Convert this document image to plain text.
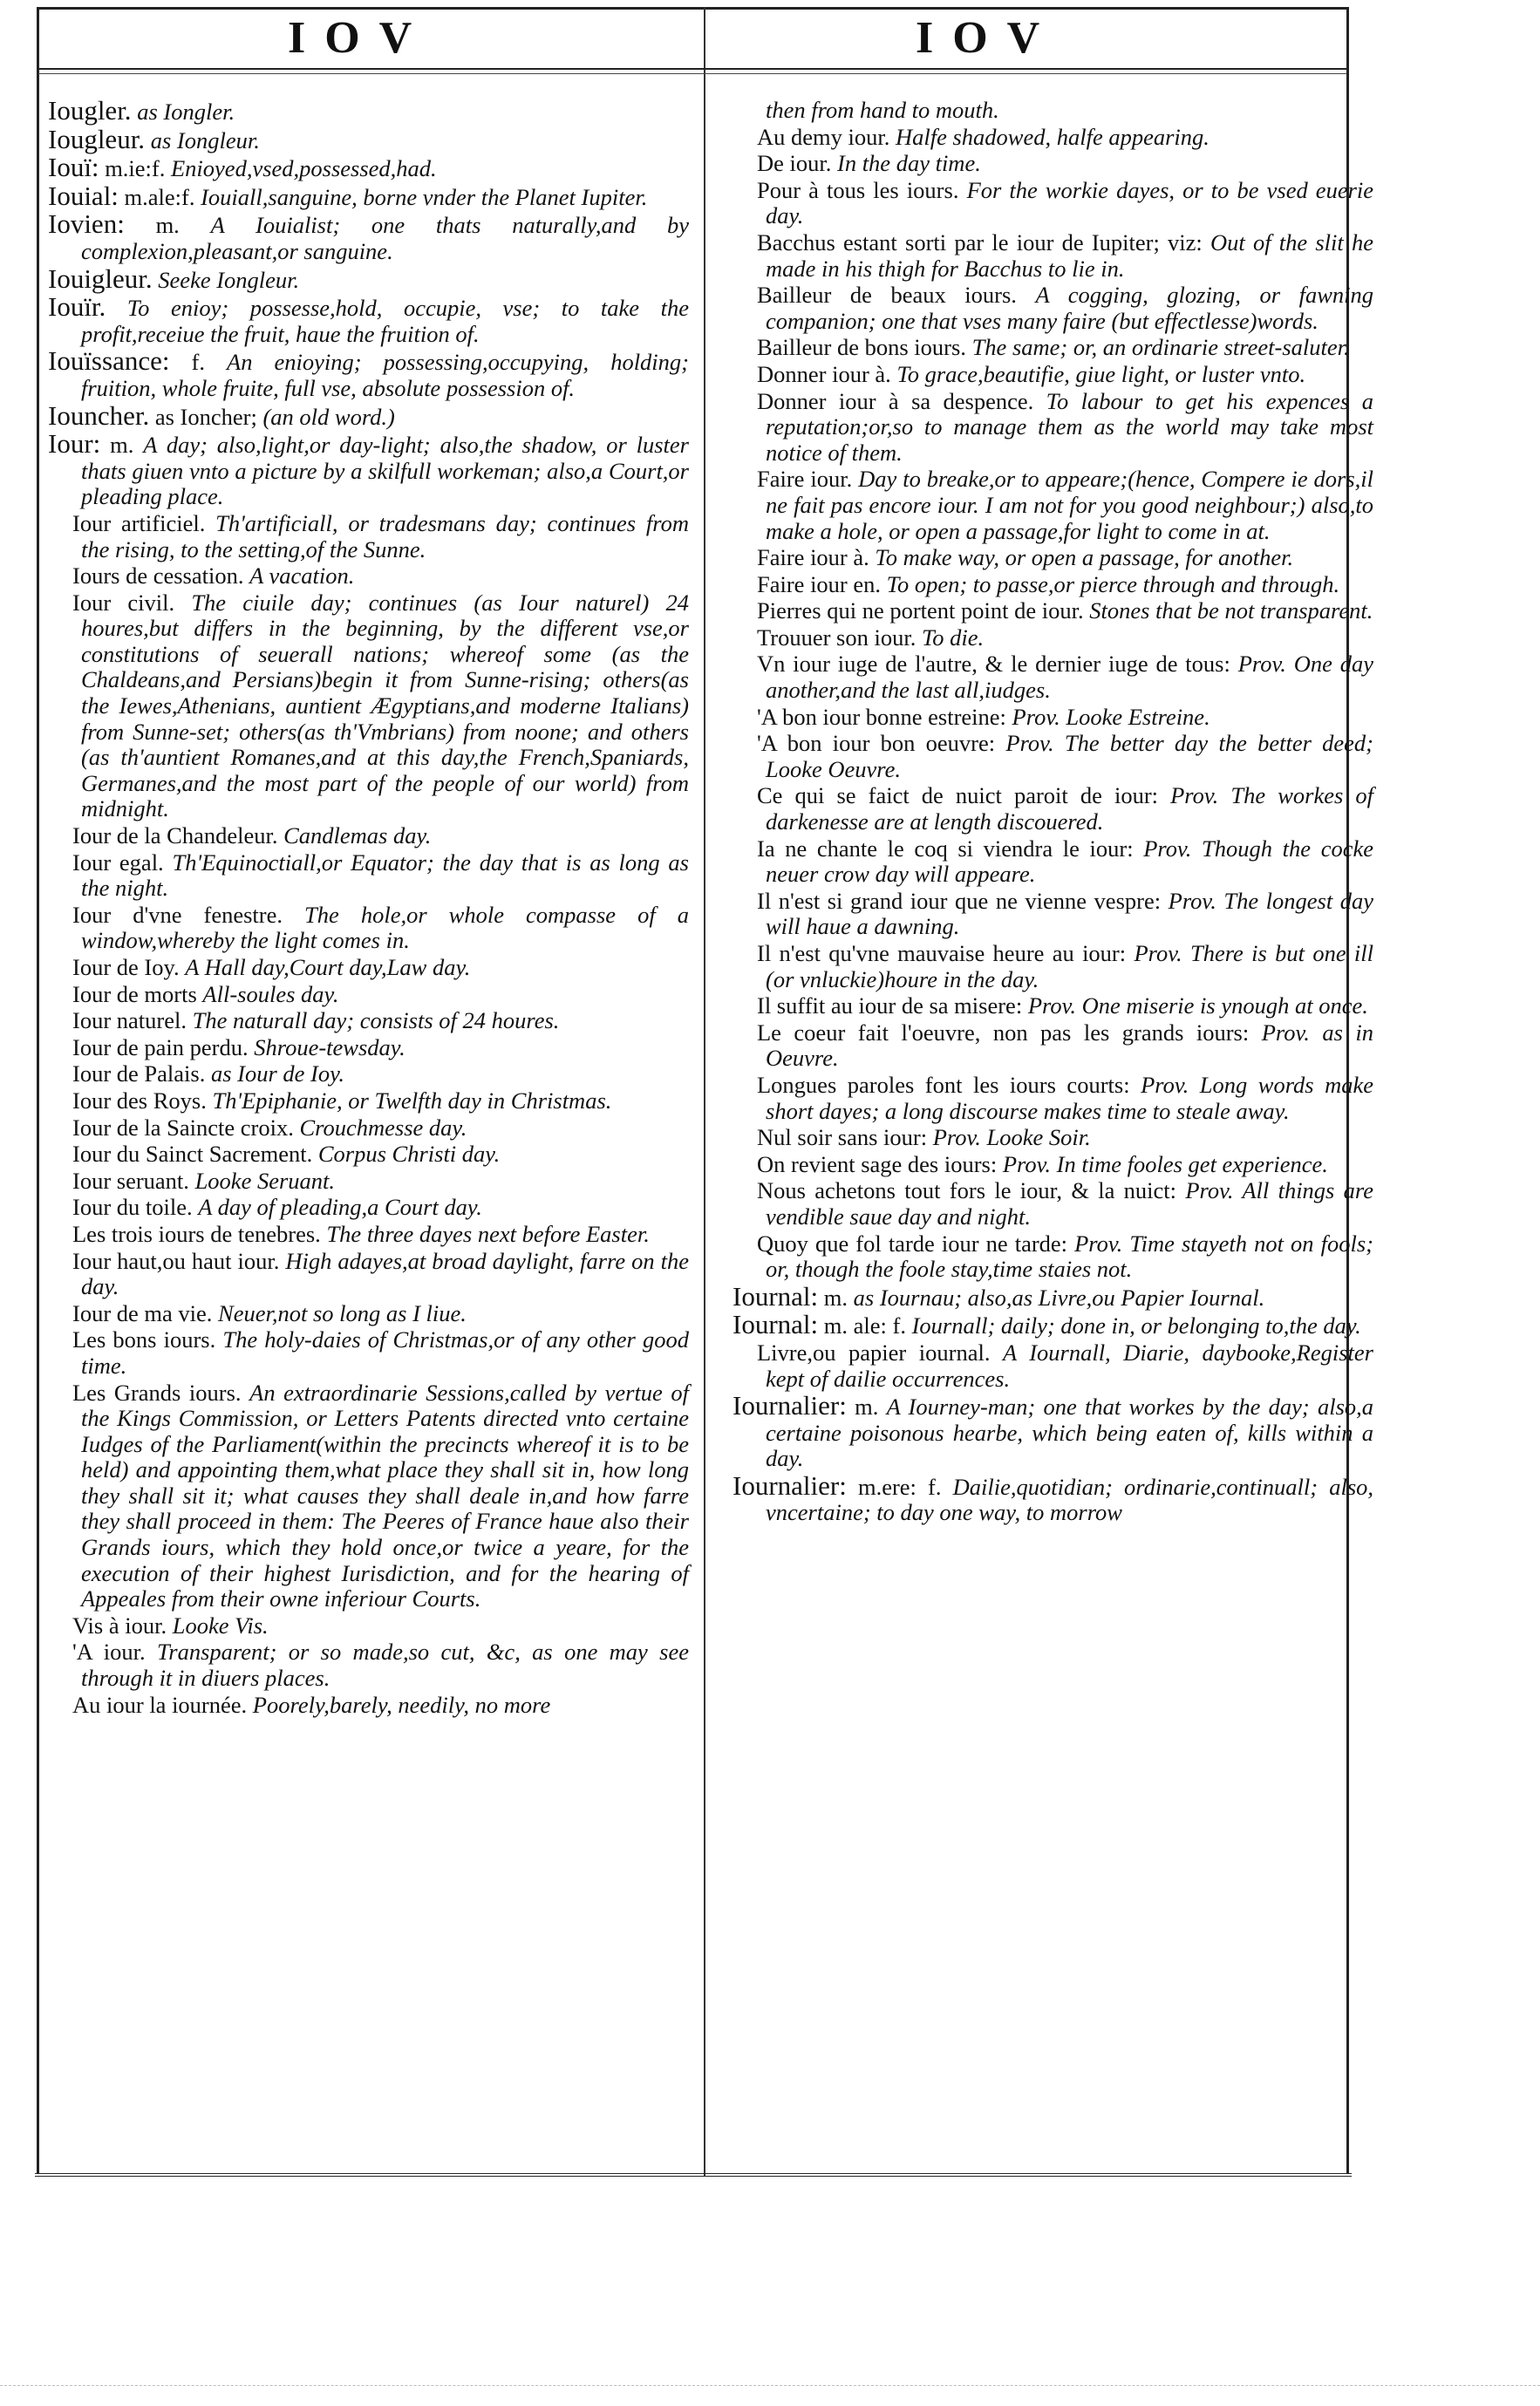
IOV	IOV
Iougler. as Iongler.
Iougleur. as Iongleur.
Iouï: m.ie:f. Enioyed,vsed,possessed,had.
Iouial: m.ale:f. Iouiall,sanguine, borne vnder the Planet Iupiter.
Iovien: m. A Iouialist; one thats naturally,and by complexion,pleasant,or sanguine.
Iouigleur. Seeke Iongleur.
Iouïr. To enioy; possesse,hold, occupie, vse; to take the profit,receiue the fruit, haue the fruition of.
Iouïssance: f. An enioying; possessing,occupying, holding; fruition, whole fruite, full vse, absolute possession of.
Iouncher. as Ioncher; (an old word.)
Iour: m. A day; also,light,or day-light; also,the shadow, or luster thats giuen vnto a picture by a skilfull workeman; also,a Court,or pleading place.
Iour artificiel. Th'artificiall, or tradesmans day; continues from the rising, to the setting,of the Sunne.
Iours de cessation. A vacation.
Iour civil. The ciuile day; continues (as Iour naturel) 24 houres,but differs in the beginning, by the different vse,or constitutions of seuerall nations; whereof some (as the Chaldeans,and Persians)begin it from Sunne-rising; others(as the Iewes,Athenians, auntient Ægyptians,and moderne Italians) from Sunne-set; others(as th'Vmbrians) from noone; and others (as th'auntient Romanes,and at this day,the French,Spaniards, Germanes,and the most part of the people of our world) from midnight.
Iour de la Chandeleur. Candlemas day.
Iour egal. Th'Equinoctiall,or Equator; the day that is as long as the night.
Iour d'vne fenestre. The hole,or whole compasse of a window,whereby the light comes in.
Iour de Ioy. A Hall day,Court day,Law day.
Iour de morts All-soules day.
Iour naturel. The naturall day; consists of 24 houres.
Iour de pain perdu. Shroue-tewsday.
Iour de Palais. as Iour de Ioy.
Iour des Roys. Th'Epiphanie, or Twelfth day in Christmas.
Iour de la Saincte croix. Crouchmesse day.
Iour du Sainct Sacrement. Corpus Christi day.
Iour seruant. Looke Seruant.
Iour du toile. A day of pleading,a Court day.
Les trois iours de tenebres. The three dayes next before Easter.
Iour haut,ou haut iour. High adayes,at broad daylight, farre on the day.
Iour de ma vie. Neuer,not so long as I liue.
Les bons iours. The holy-daies of Christmas,or of any other good time.
Les Grands iours. An extraordinarie Sessions,called by vertue of the Kings Commission, or Letters Patents directed vnto certaine Iudges of the Parliament(within the precincts whereof it is to be held) and appointing them,what place they shall sit in, how long they shall sit it; what causes they shall deale in,and how farre they shall proceed in them: The Peeres of France haue also their Grands iours, which they hold once,or twice a yeare, for the execution of their highest Iurisdiction, and for the hearing of Appeales from their owne inferiour Courts.
Vis à iour. Looke Vis.
'A iour. Transparent; or so made,so cut, &c, as one may see through it in diuers places.
Au iour la iournée. Poorely,barely, needily, no more
then from hand to mouth.
Au demy iour. Halfe shadowed, halfe appearing.
De iour. In the day time.
Pour à tous les iours. For the workie dayes, or to be vsed euerie day.
Bacchus estant sorti par le iour de Iupiter; viz: Out of the slit he made in his thigh for Bacchus to lie in.
Bailleur de beaux iours. A cogging, glozing, or fawning companion; one that vses many faire (but effectlesse)words.
Bailleur de bons iours. The same; or, an ordinarie street-saluter.
Donner iour à. To grace,beautifie, giue light, or luster vnto.
Donner iour à sa despence. To labour to get his expences a reputation;or,so to manage them as the world may take most notice of them.
Faire iour. Day to breake,or to appeare;(hence, Compere ie dors,il ne fait pas encore iour. I am not for you good neighbour;) also,to make a hole, or open a passage,for light to come in at.
Faire iour à. To make way, or open a passage, for another.
Faire iour en. To open; to passe,or pierce through and through.
Pierres qui ne portent point de iour. Stones that be not transparent.
Trouuer son iour. To die.
Vn iour iuge de l'autre, & le dernier iuge de tous: Prov. One day another,and the last all,iudges.
'A bon iour bonne estreine: Prov. Looke Estreine.
'A bon iour bon oeuvre: Prov. The better day the better deed; Looke Oeuvre.
Ce qui se faict de nuict paroit de iour: Prov. The workes of darkenesse are at length discouered.
Ia ne chante le coq si viendra le iour: Prov. Though the cocke neuer crow day will appeare.
Il n'est si grand iour que ne vienne vespre: Prov. The longest day will haue a dawning.
Il n'est qu'vne mauvaise heure au iour: Prov. There is but one ill (or vnluckie)houre in the day.
Il suffit au iour de sa misere: Prov. One miserie is ynough at once.
Le coeur fait l'oeuvre, non pas les grands iours: Prov. as in Oeuvre.
Longues paroles font les iours courts: Prov. Long words make short dayes; a long discourse makes time to steale away.
Nul soir sans iour: Prov. Looke Soir.
On revient sage des iours: Prov. In time fooles get experience.
Nous achetons tout fors le iour, & la nuict: Prov. All things are vendible saue day and night.
Quoy que fol tarde iour ne tarde: Prov. Time stayeth not on fools; or, though the foole stay,time staies not.
Iournal: m. as Iournau; also,as Livre,ou Papier Iournal.
Iournal: m. ale: f. Iournall; daily; done in, or belonging to,the day.
Livre,ou papier iournal. A Iournall, Diarie, daybooke,Register kept of dailie occurrences.
Iournalier: m. A Iourney-man; one that workes by the day; also,a certaine poisonous hearbe, which being eaten of, kills within a day.
Iournalier: m.ere: f. Dailie,quotidian; ordinarie,continuall; also, vncertaine; to day one way, to morrow
